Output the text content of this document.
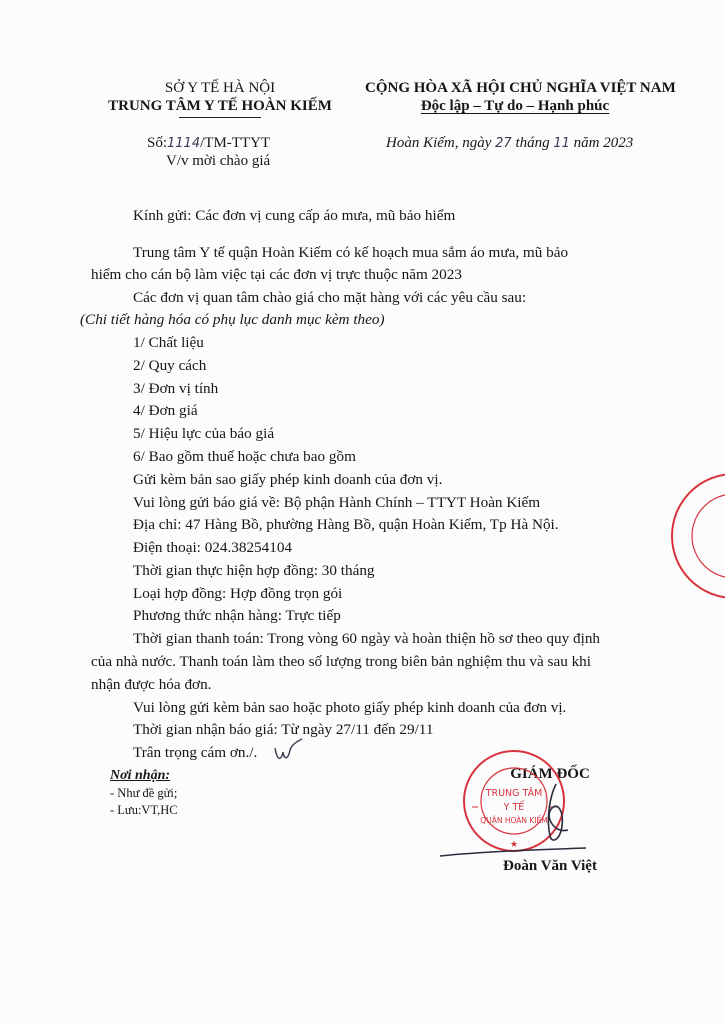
SỞ Y TẾ HÀ NỘI
TRUNG TÂM Y TẾ HOÀN KIẾM
Số:1114/TM-TTYT
V/v mời chào giá
CỘNG HÒA XÃ HỘI CHỦ NGHĨA VIỆT NAM
Độc lập – Tự do – Hạnh phúc
Hoàn Kiếm, ngày 27 tháng 11 năm 2023
Kính gửi: Các đơn vị cung cấp áo mưa, mũ bảo hiểm
Trung tâm Y tế quận Hoàn Kiếm có kế hoạch mua sắm áo mưa, mũ bảo
hiểm cho cán bộ làm việc tại các đơn vị trực thuộc năm 2023
Các đơn vị quan tâm chào giá cho mặt hàng với các yêu cầu sau:
(Chi tiết hàng hóa có phụ lục danh mục kèm theo)
1/ Chất liệu
2/ Quy cách
3/ Đơn vị tính
4/ Đơn giá
5/ Hiệu lực của báo giá
6/ Bao gồm thuế hoặc chưa bao gồm
Gửi kèm bản sao giấy phép kinh doanh của đơn vị.
Vui lòng gửi báo giá về: Bộ phận Hành Chính – TTYT Hoàn Kiếm
Địa chỉ: 47 Hàng Bồ, phường Hàng Bồ, quận Hoàn Kiếm, Tp Hà Nội.
Điện thoại: 024.38254104
Thời gian thực hiện hợp đồng: 30 tháng
Loại hợp đồng: Hợp đồng trọn gói
Phương thức nhận hàng: Trực tiếp
Thời gian thanh toán: Trong vòng 60 ngày và hoàn thiện hồ sơ theo quy định
của nhà nước. Thanh toán làm theo số lượng trong biên bản nghiệm thu và sau khi
nhận được hóa đơn.
Vui lòng gửi kèm bản sao hoặc photo giấy phép kinh doanh của đơn vị.
Thời gian nhận báo giá: Từ ngày 27/11 đến 29/11
Trân trọng cám ơn./.
Nơi nhận:
- Như đề gửi;
- Lưu:VT,HC
GIÁM ĐỐC
★
TRUNG TÂM
Y TẾ
QUẬN HOÀN KIẾM
Đoàn Văn Việt
